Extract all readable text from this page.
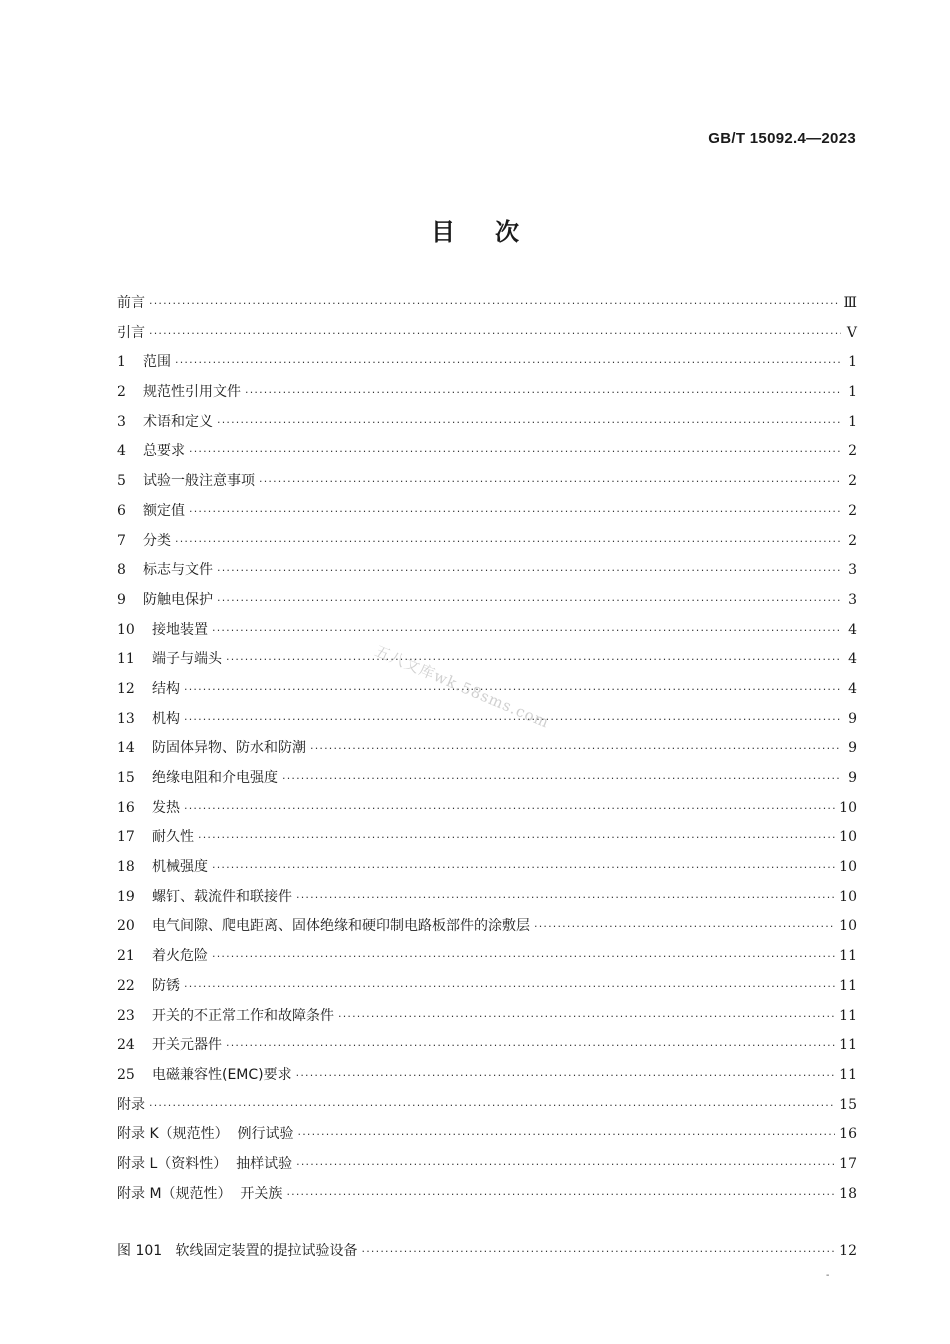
GB/T 15092.4—2023
目次
前言 ·····	Ⅲ
引言 ·····	Ⅴ
1	范围 ·····	1
2	规范性引用文件 ·····	1
3	术语和定义 ·····	1
4	总要求 ·····	2
5	试验一般注意事项 ·····	2
6	额定值 ·····	2
7	分类 ·····	2
8	标志与文件 ·····	3
9	防触电保护 ·····	3
10	接地装置 ·····	4
11	端子与端头 ·····	4
12	结构 ·····	4
13	机构 ·····	9
14	防固体异物、防水和防潮 ·····	9
15	绝缘电阻和介电强度 ·····	9
16	发热 ·····	10
17	耐久性 ·····	10
18	机械强度 ·····	10
19	螺钉、载流件和联接件 ·····	10
20	电气间隙、爬电距离、固体绝缘和硬印制电路板部件的涂敷层 ·····	10
21	着火危险 ·····	11
22	防锈 ·····	11
23	开关的不正常工作和故障条件 ·····	11
24	开关元器件 ·····	11
25	电磁兼容性(EMC)要求 ·····	11
附录 ·····	15
附录 K（规范性）  例行试验 ·····	16
附录 L（资料性）  抽样试验 ·····	17
附录 M（规范性）  开关族 ·····	18
图 101   软线固定装置的提拉试验设备 ·····	12
五八文库wk.58sms.com
-
